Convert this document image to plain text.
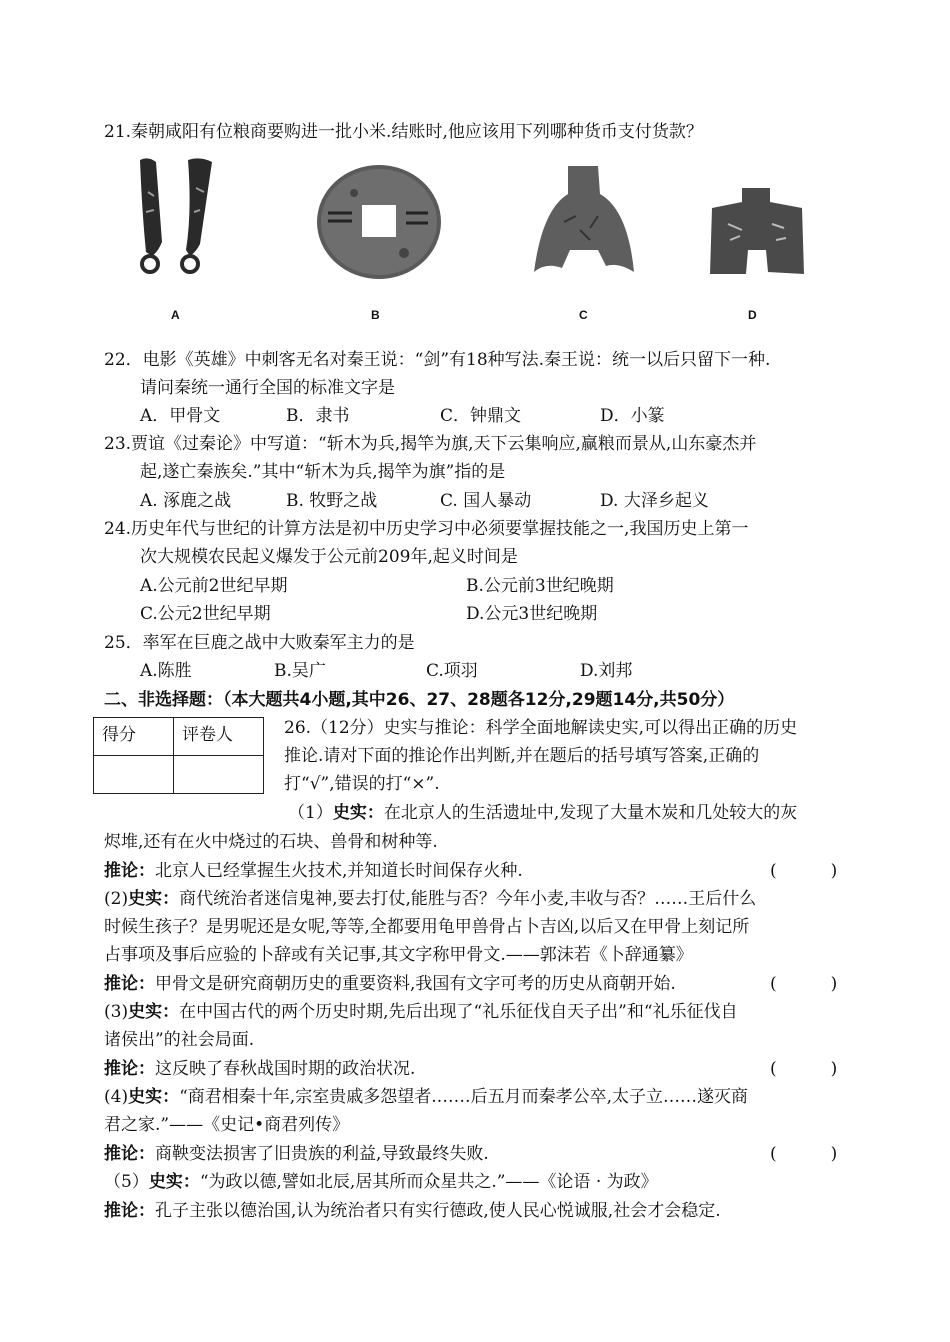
21.秦朝咸阳有位粮商要购进一批小米.结账时,他应该用下列哪种货币支付货款？
A	B	C	D
22．电影《英雄》中刺客无名对秦王说：“剑”有18种写法.秦王说：统一以后只留下一种.
请问秦统一通行全国的标准文字是
A．甲骨文	B．隶书	C．钟鼎文	D．小篆
23.贾谊《过秦论》中写道：“斩木为兵,揭竿为旗,天下云集响应,赢粮而景从,山东豪杰并
起,遂亡秦族矣.”其中“斩木为兵,揭竿为旗”指的是
A. 涿鹿之战	B. 牧野之战	C. 国人暴动	D. 大泽乡起义
24.历史年代与世纪的计算方法是初中历史学习中必须要掌握技能之一,我国历史上第一
次大规模农民起义爆发于公元前209年,起义时间是
A.公元前2世纪早期	B.公元前3世纪晚期
C.公元2世纪早期	D.公元3世纪晚期
25．率军在巨鹿之战中大败秦军主力的是
A.陈胜	B.吴广	C.项羽	D.刘邦
二、非选择题：（本大题共4小题,其中26、27、28题各12分,29题14分,共50分）
得分	评卷人
		26.（12分）史实与推论：科学全面地解读史实,可以得出正确的历史
推论.请对下面的推论作出判断,并在题后的括号填写答案,正确的
打“√”,错误的打“×”.
（1）史实：在北京人的生活遗址中,发现了大量木炭和几处较大的灰
烬堆,还有在火中烧过的石块、兽骨和树种等.
推论：北京人已经掌握生火技术,并知道长时间保存火种.	(          )
(2)史实：商代统治者迷信鬼神,要去打仗,能胜与否？今年小麦,丰收与否？……王后什么
时候生孩子？是男呢还是女呢,等等,全都要用龟甲兽骨占卜吉凶,以后又在甲骨上刻记所
占事项及事后应验的卜辞或有关记事,其文字称甲骨文.——郭沫若《卜辞通纂》
推论：甲骨文是研究商朝历史的重要资料,我国有文字可考的历史从商朝开始.	(          )
(3)史实：在中国古代的两个历史时期,先后出现了“礼乐征伐自天子出”和“礼乐征伐自
诸侯出”的社会局面.
推论：这反映了春秋战国时期的政治状况.	(          )
(4)史实：“商君相秦十年,宗室贵戚多怨望者.……后五月而秦孝公卒,太子立……遂灭商
君之家.”——《史记•商君列传》
推论：商鞅变法损害了旧贵族的利益,导致最终失败.	(          )
（5）史实：“为政以德,譬如北辰,居其所而众星共之.”——《论语 · 为政》
推论：孔子主张以德治国,认为统治者只有实行德政,使人民心悦诚服,社会才会稳定.
